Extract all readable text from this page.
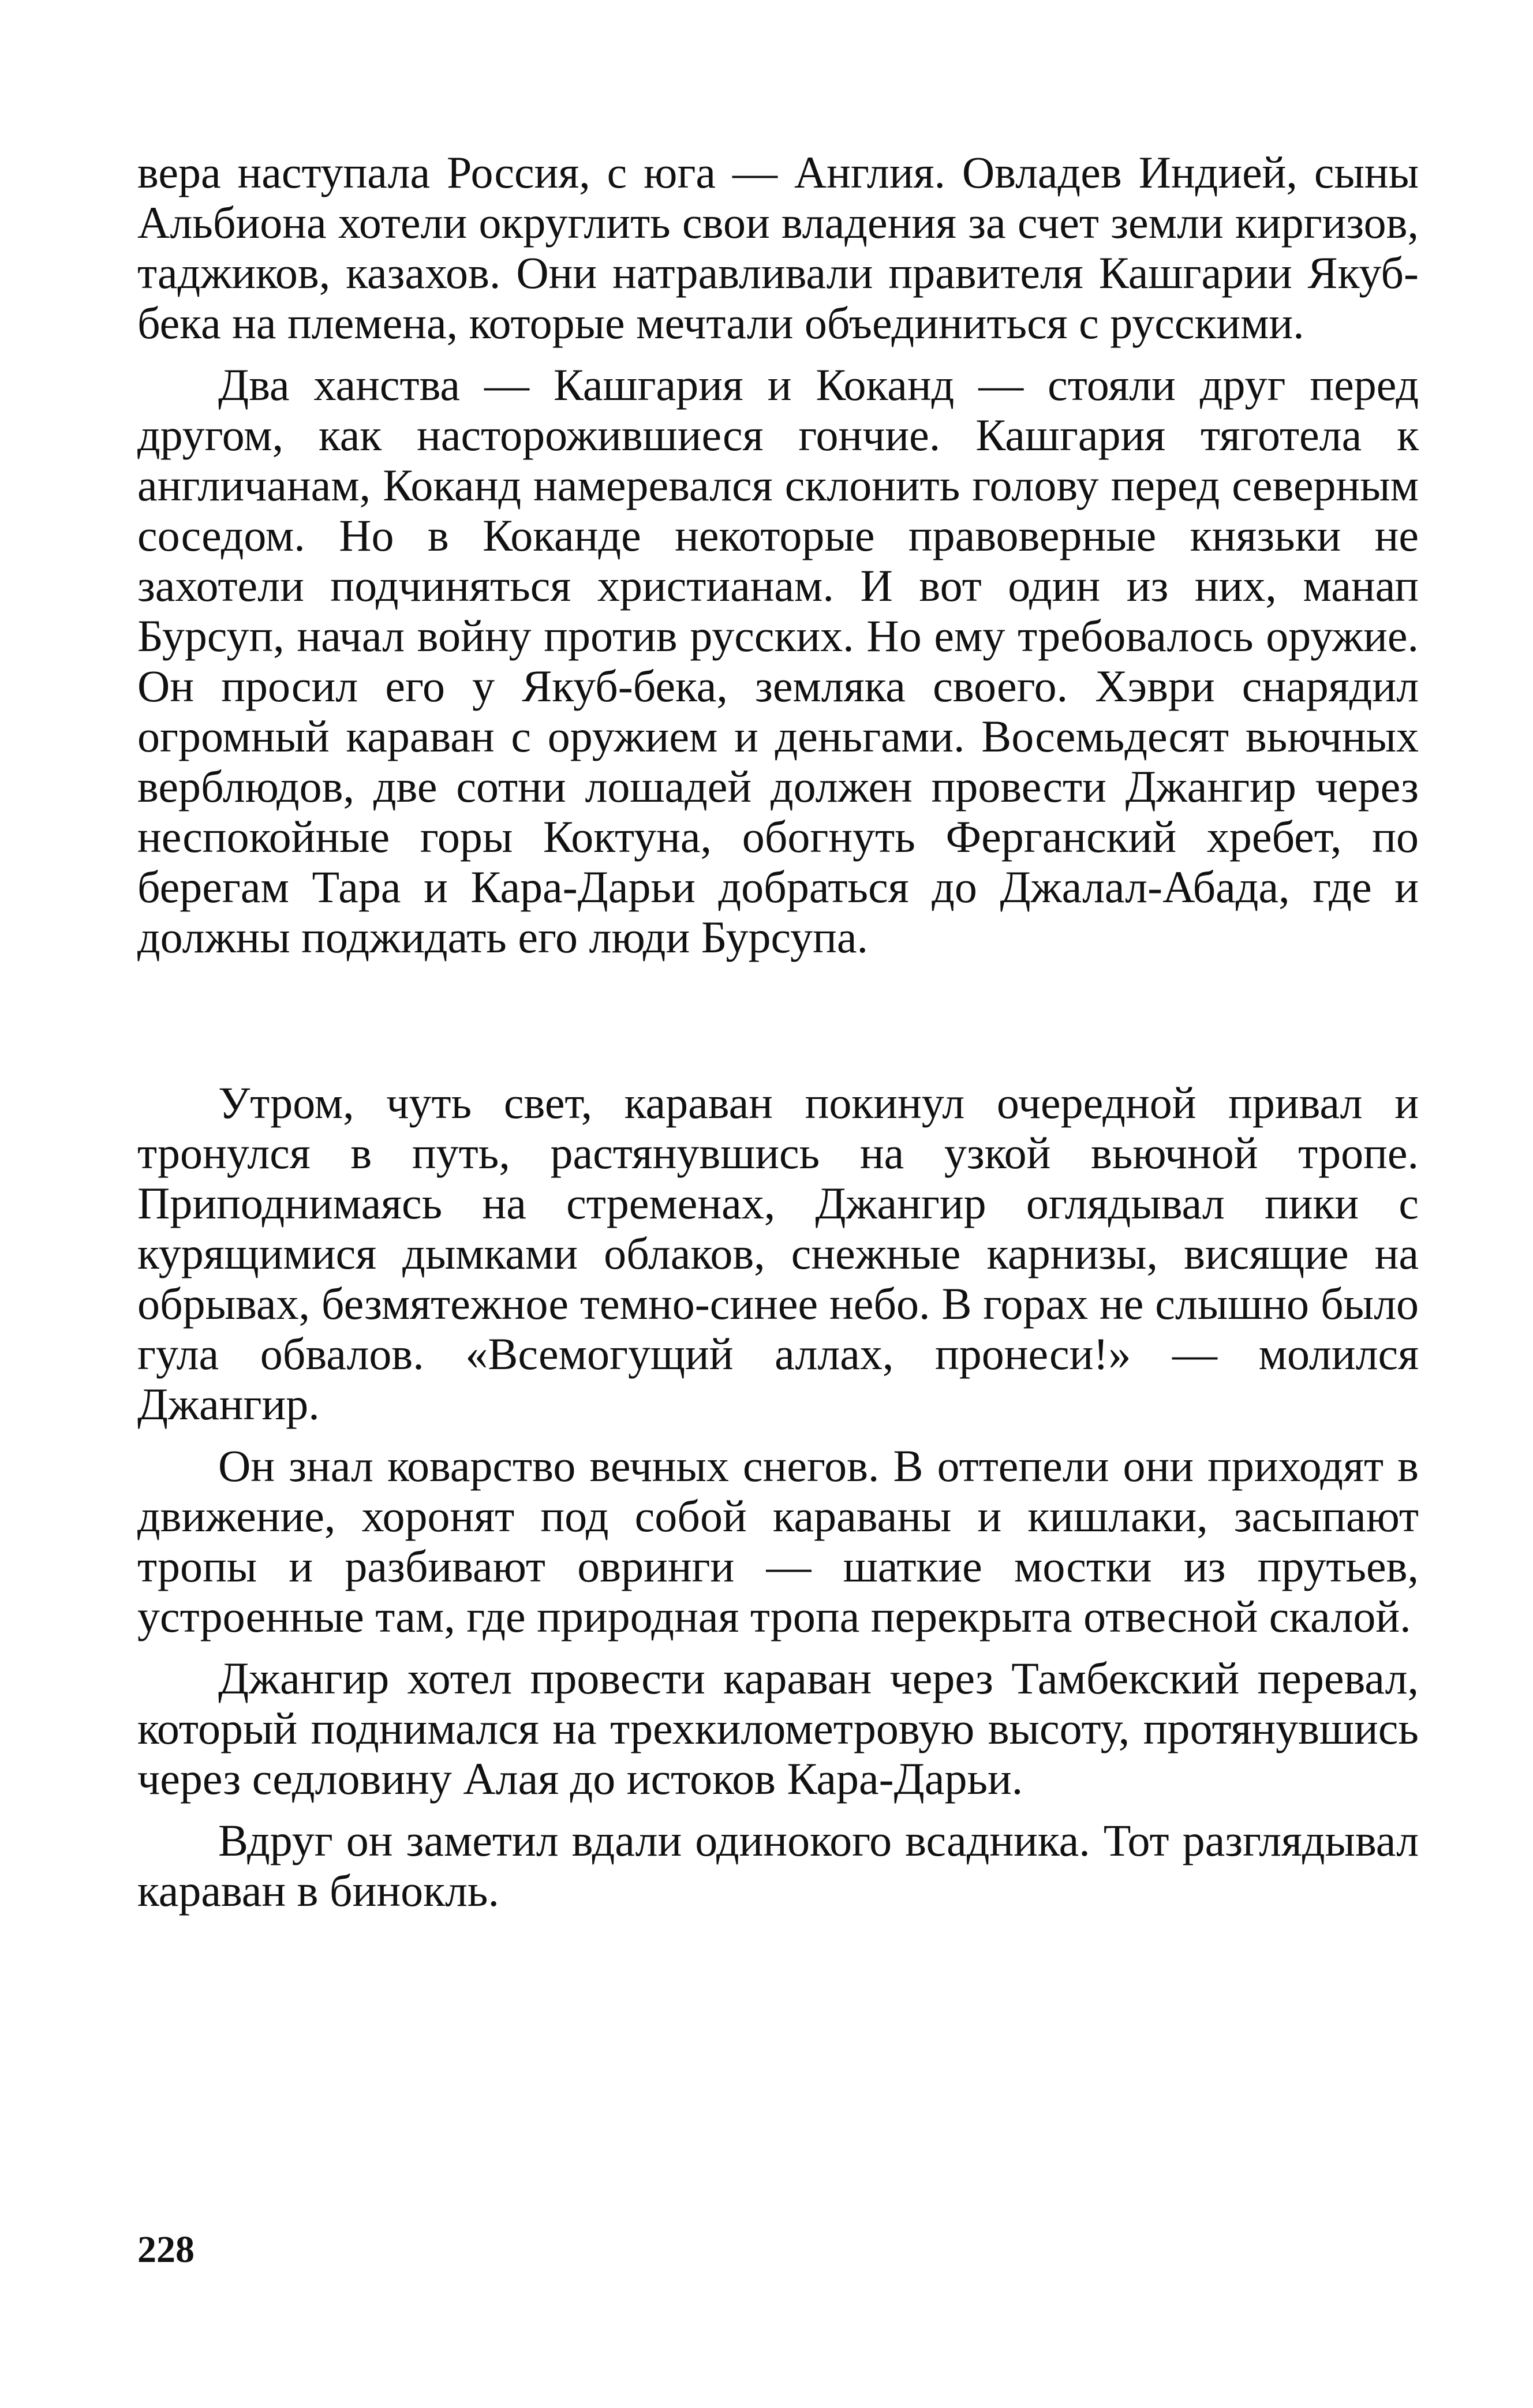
вера наступала Россия, с юга — Англия. Овладев Индией, сыны Альбиона хотели округлить свои владения за счет земли киргизов, таджиков, казахов. Они натравливали правителя Кашгарии Якуб-бека на племена, которые мечтали объединиться с русскими.

Два ханства — Кашгария и Коканд — стояли друг перед другом, как насторожившиеся гончие. Кашгария тяготела к англичанам, Коканд намеревался склонить голову перед северным соседом. Но в Коканде некоторые правоверные князьки не захотели подчиняться христианам. И вот один из них, манап Бурсуп, начал войну против русских. Но ему требовалось оружие. Он просил его у Якуб-бека, земляка своего. Хэври снарядил огромный караван с оружием и деньгами. Восемьдесят вьючных верблюдов, две сотни лошадей должен провести Джангир через неспокойные горы Коктуна, обогнуть Ферганский хребет, по берегам Тара и Кара-Дарьи добраться до Джалал-Абада, где и должны поджидать его люди Бурсупа.

Утром, чуть свет, караван покинул очередной привал и тронулся в путь, растянувшись на узкой вьючной тропе. Приподнимаясь на стременах, Джангир оглядывал пики с курящимися дымками облаков, снежные карнизы, висящие на обрывах, безмятежное темно-синее небо. В горах не слышно было гула обвалов. «Всемогущий аллах, пронеси!» — молился Джангир.

Он знал коварство вечных снегов. В оттепели они приходят в движение, хоронят под собой караваны и кишлаки, засыпают тропы и разбивают овринги — шаткие мостки из прутьев, устроенные там, где природная тропа перекрыта отвесной скалой.

Джангир хотел провести караван через Тамбекский перевал, который поднимался на трехкилометровую высоту, протянувшись через седловину Алая до истоков Кара-Дарьи.

Вдруг он заметил вдали одинокого всадника. Тот разглядывал караван в бинокль.

228
